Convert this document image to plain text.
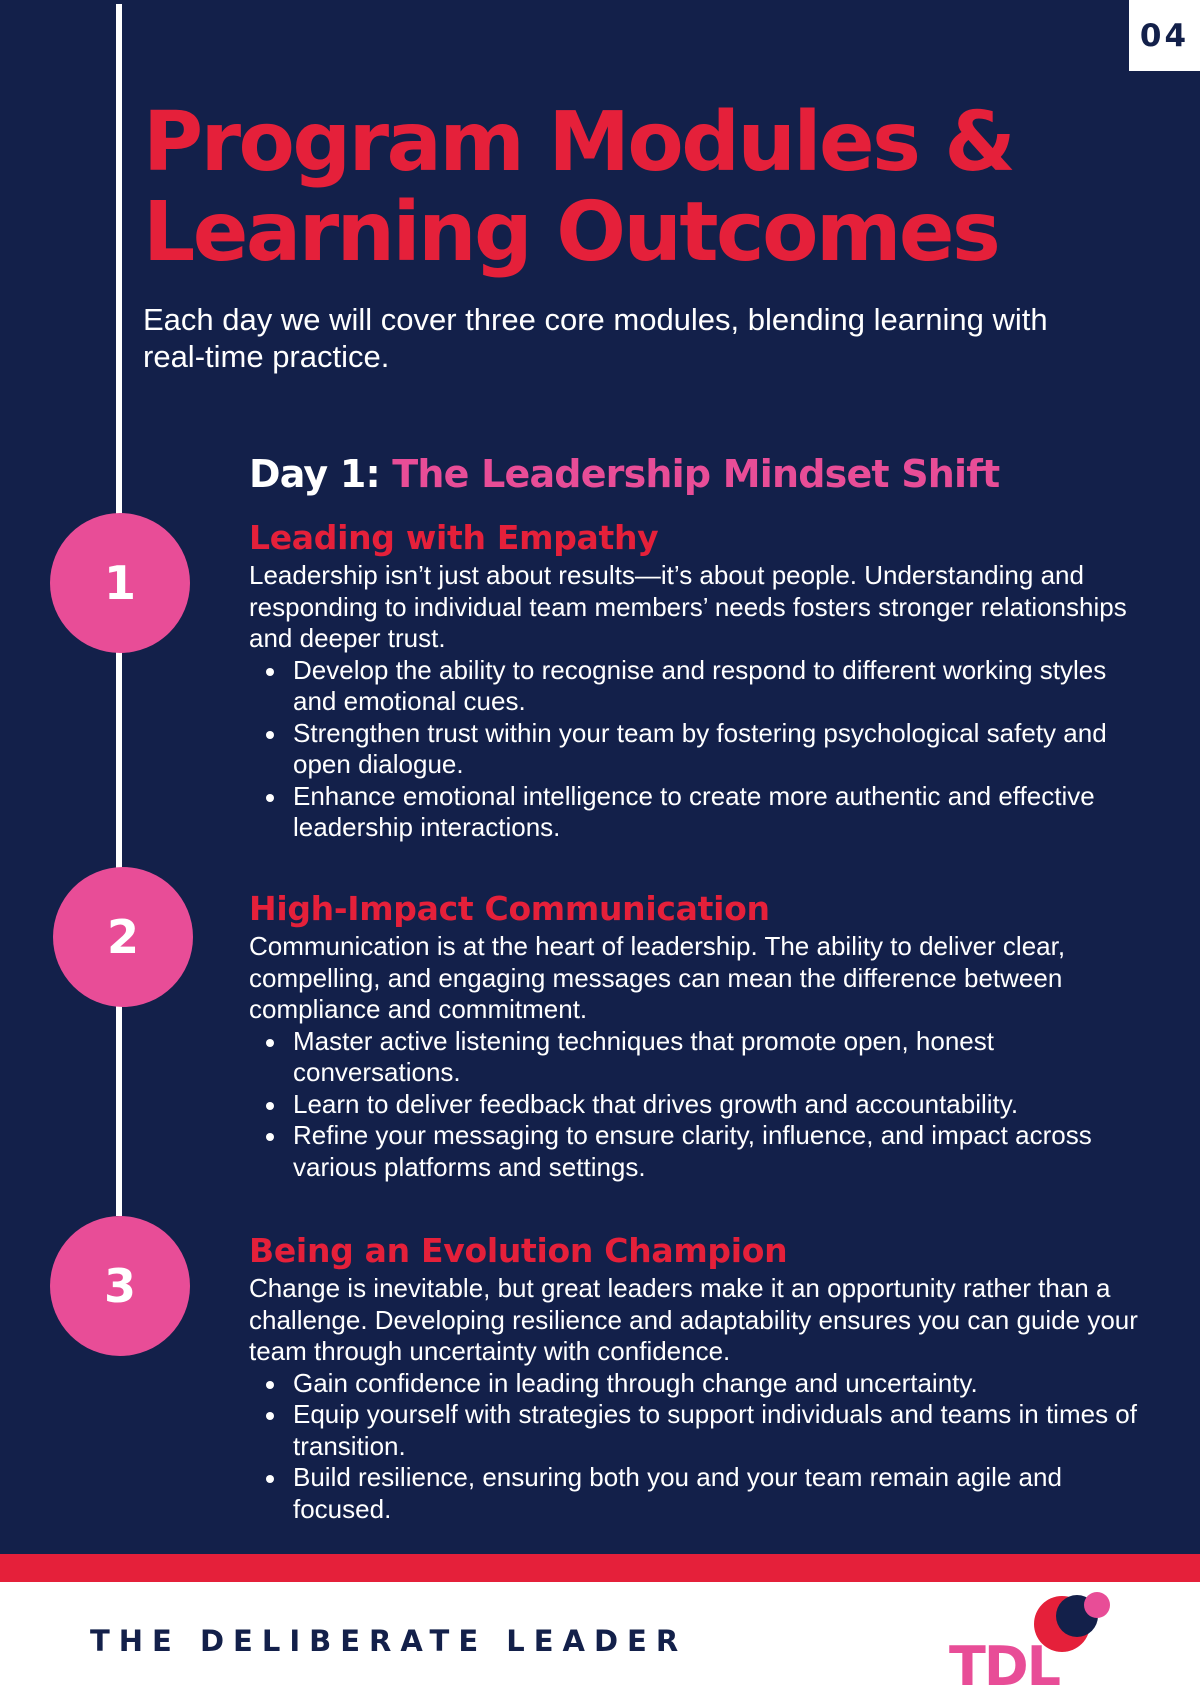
04
1
2
3
Program Modules &
Learning Outcomes

Each day we will cover three core modules, blending learning with real-time practice.

Day 1: The Leadership Mindset Shift
Leading with Empathy

Leadership isn’t just about results—it’s about people. Understanding and responding to individual team members’ needs fosters stronger relationships and deeper trust.

Develop the ability to recognise and respond to different working styles and emotional cues.
Strengthen trust within your team by fostering psychological safety and open dialogue.
Enhance emotional intelligence to create more authentic and effective leadership interactions.
High-Impact Communication

Communication is at the heart of leadership. The ability to deliver clear, compelling, and engaging messages can mean the difference between compliance and commitment.

Master active listening techniques that promote open, honest conversations.
Learn to deliver feedback that drives growth and accountability.
Refine your messaging to ensure clarity, influence, and impact across various platforms and settings.
Being an Evolution Champion

Change is inevitable, but great leaders make it an opportunity rather than a challenge. Developing resilience and adaptability ensures you can guide your team through uncertainty with confidence.

Gain confidence in leading through change and uncertainty.
Equip yourself with strategies to support individuals and teams in times of transition.
Build resilience, ensuring both you and your team remain agile and focused.
THE DELIBERATE LEADER	TDL
